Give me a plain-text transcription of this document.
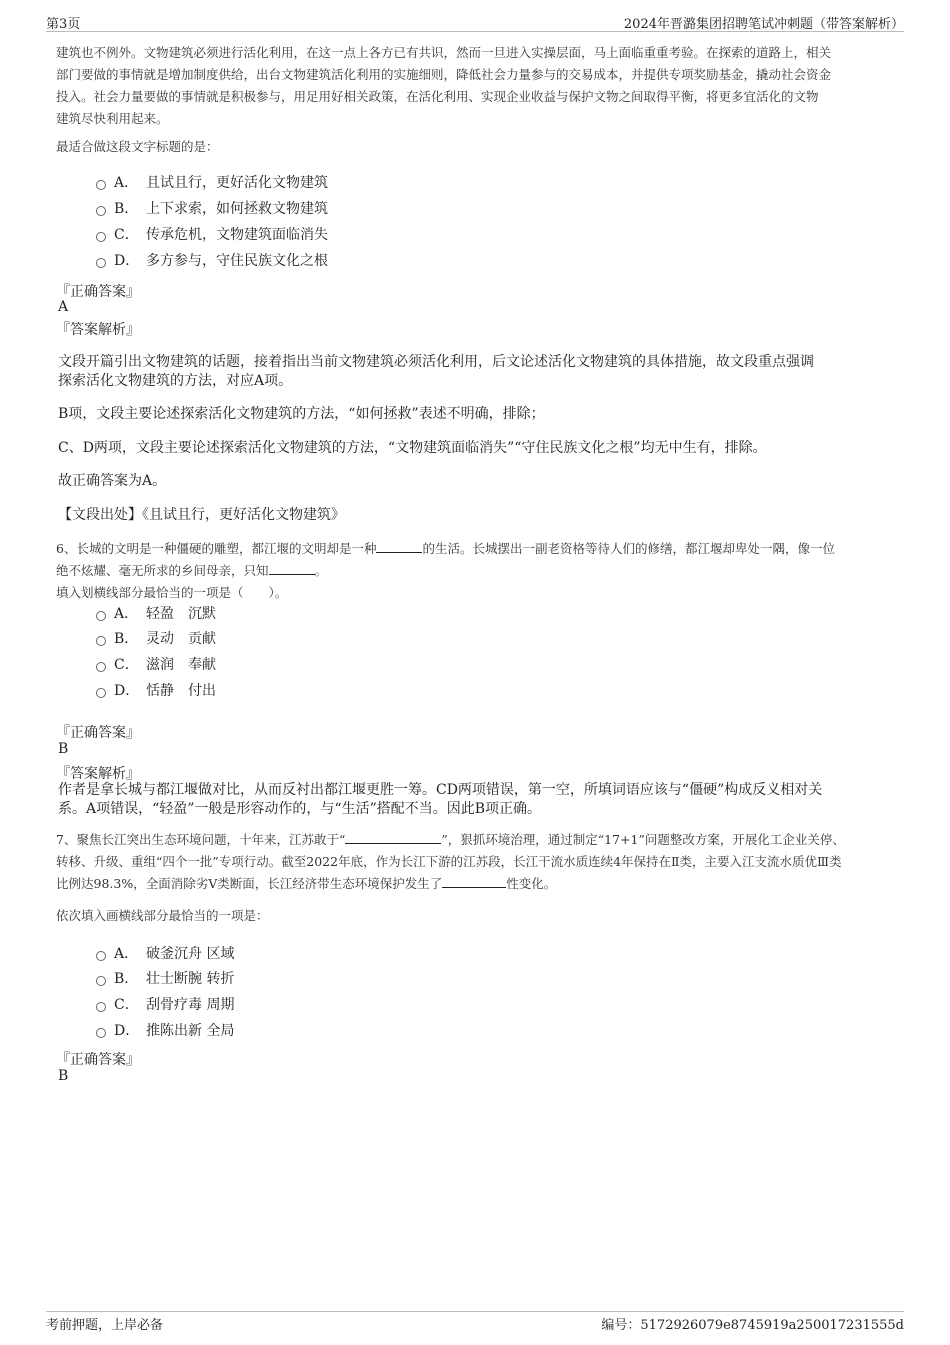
第3页	2024年晋潞集团招聘笔试冲刺题（带答案解析）
建筑也不例外。文物建筑必须进行活化利用，在这一点上各方已有共识，然而一旦进入实操层面，马上面临重重考验。在探索的道路上，相关
部门要做的事情就是增加制度供给，出台文物建筑活化利用的实施细则，降低社会力量参与的交易成本，并提供专项奖励基金，撬动社会资金
投入。社会力量要做的事情就是积极参与，用足用好相关政策，在活化利用、实现企业收益与保护文物之间取得平衡，将更多宜活化的文物
建筑尽快利用起来。
最适合做这段文字标题的是：
A． 且试且行，更好活化文物建筑
B． 上下求索，如何拯救文物建筑
C． 传承危机，文物建筑面临消失
D． 多方参与，守住民族文化之根
『正确答案』
A
『答案解析』
文段开篇引出文物建筑的话题，接着指出当前文物建筑必须活化利用，后文论述活化文物建筑的具体措施，故文段重点强调
探索活化文物建筑的方法，对应A项。
B项，文段主要论述探索活化文物建筑的方法，“如何拯救”表述不明确，排除；
C、D两项，文段主要论述探索活化文物建筑的方法，“文物建筑面临消失”“守住民族文化之根”均无中生有，排除。
故正确答案为A。
【文段出处】《且试且行，更好活化文物建筑》
6、长城的文明是一种僵硬的雕塑，都江堰的文明却是一种	的生活。长城摆出一副老资格等待人们的修缮，都江堰却卑处一隅，像一位
绝不炫耀、毫无所求的乡间母亲，只知	。
填入划横线部分最恰当的一项是（　　）。
A． 轻盈　沉默
B． 灵动　贡献
C． 滋润　奉献
D． 恬静　付出
『正确答案』
B
『答案解析』
作者是拿长城与都江堰做对比，从而反衬出都江堰更胜一筹。CD两项错误，第一空，所填词语应该与“僵硬”构成反义相对关
系。A项错误，“轻盈”一般是形容动作的，与“生活”搭配不当。因此B项正确。
7、聚焦长江突出生态环境问题，十年来，江苏敢于“	”，狠抓环境治理，通过制定“17+1”问题整改方案，开展化工企业关停、
转移、升级、重组“四个一批”专项行动。截至2022年底，作为长江下游的江苏段，长江干流水质连续4年保持在Ⅱ类，主要入江支流水质优Ⅲ类
比例达98.3%，全面消除劣V类断面，长江经济带生态环境保护发生了	性变化。
依次填入画横线部分最恰当的一项是：
A． 破釜沉舟 区域
B． 壮士断腕 转折
C． 刮骨疗毒 周期
D． 推陈出新 全局
『正确答案』
B
考前押题，上岸必备	编号：5172926079e8745919a250017231555d
